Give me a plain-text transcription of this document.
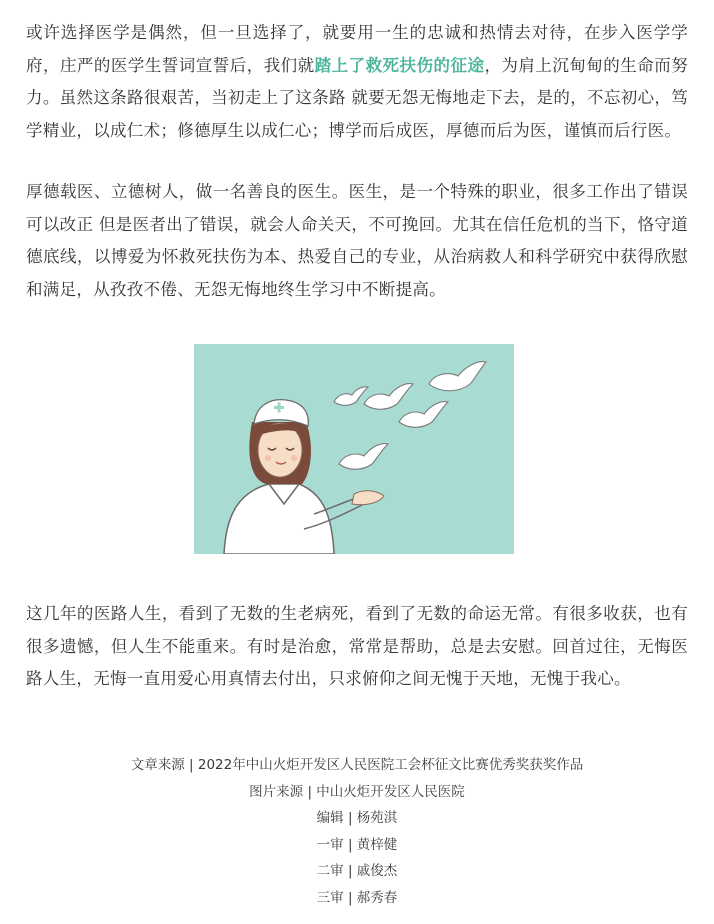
或许选择医学是偶然，但一旦选择了，就要用一生的忠诚和热情去对待，在步入医学学府，庄严的医学生誓词宣誓后，我们就踏上了救死扶伤的征途，为肩上沉甸甸的生命而努力。虽然这条路很艰苦，当初走上了这条路 就要无怨无悔地走下去，是的，不忘初心，笃学精业，以成仁术；修德厚生以成仁心；博学而后成医，厚德而后为医，谨慎而后行医。

厚德载医、立德树人，做一名善良的医生。医生，是一个特殊的职业，很多工作出了错误可以改正 但是医者出了错误，就会人命关天，不可挽回。尤其在信任危机的当下，恪守道德底线，以博爱为怀救死扶伤为本、热爱自己的专业，从治病救人和科学研究中获得欣慰和满足，从孜孜不倦、无怨无悔地终生学习中不断提高。

这几年的医路人生，看到了无数的生老病死，看到了无数的命运无常。有很多收获，也有很多遗憾，但人生不能重来。有时是治愈，常常是帮助，总是去安慰。回首过往，无悔医路人生，无悔一直用爱心用真情去付出，只求俯仰之间无愧于天地，无愧于我心。

文章来源 | 2022年中山火炬开发区人民医院工会杯征文比赛优秀奖获奖作品
图片来源 | 中山火炬开发区人民医院
编辑 | 杨苑淇
一审 | 黄梓健
二审 | 戚俊杰
三审 | 郝秀春
